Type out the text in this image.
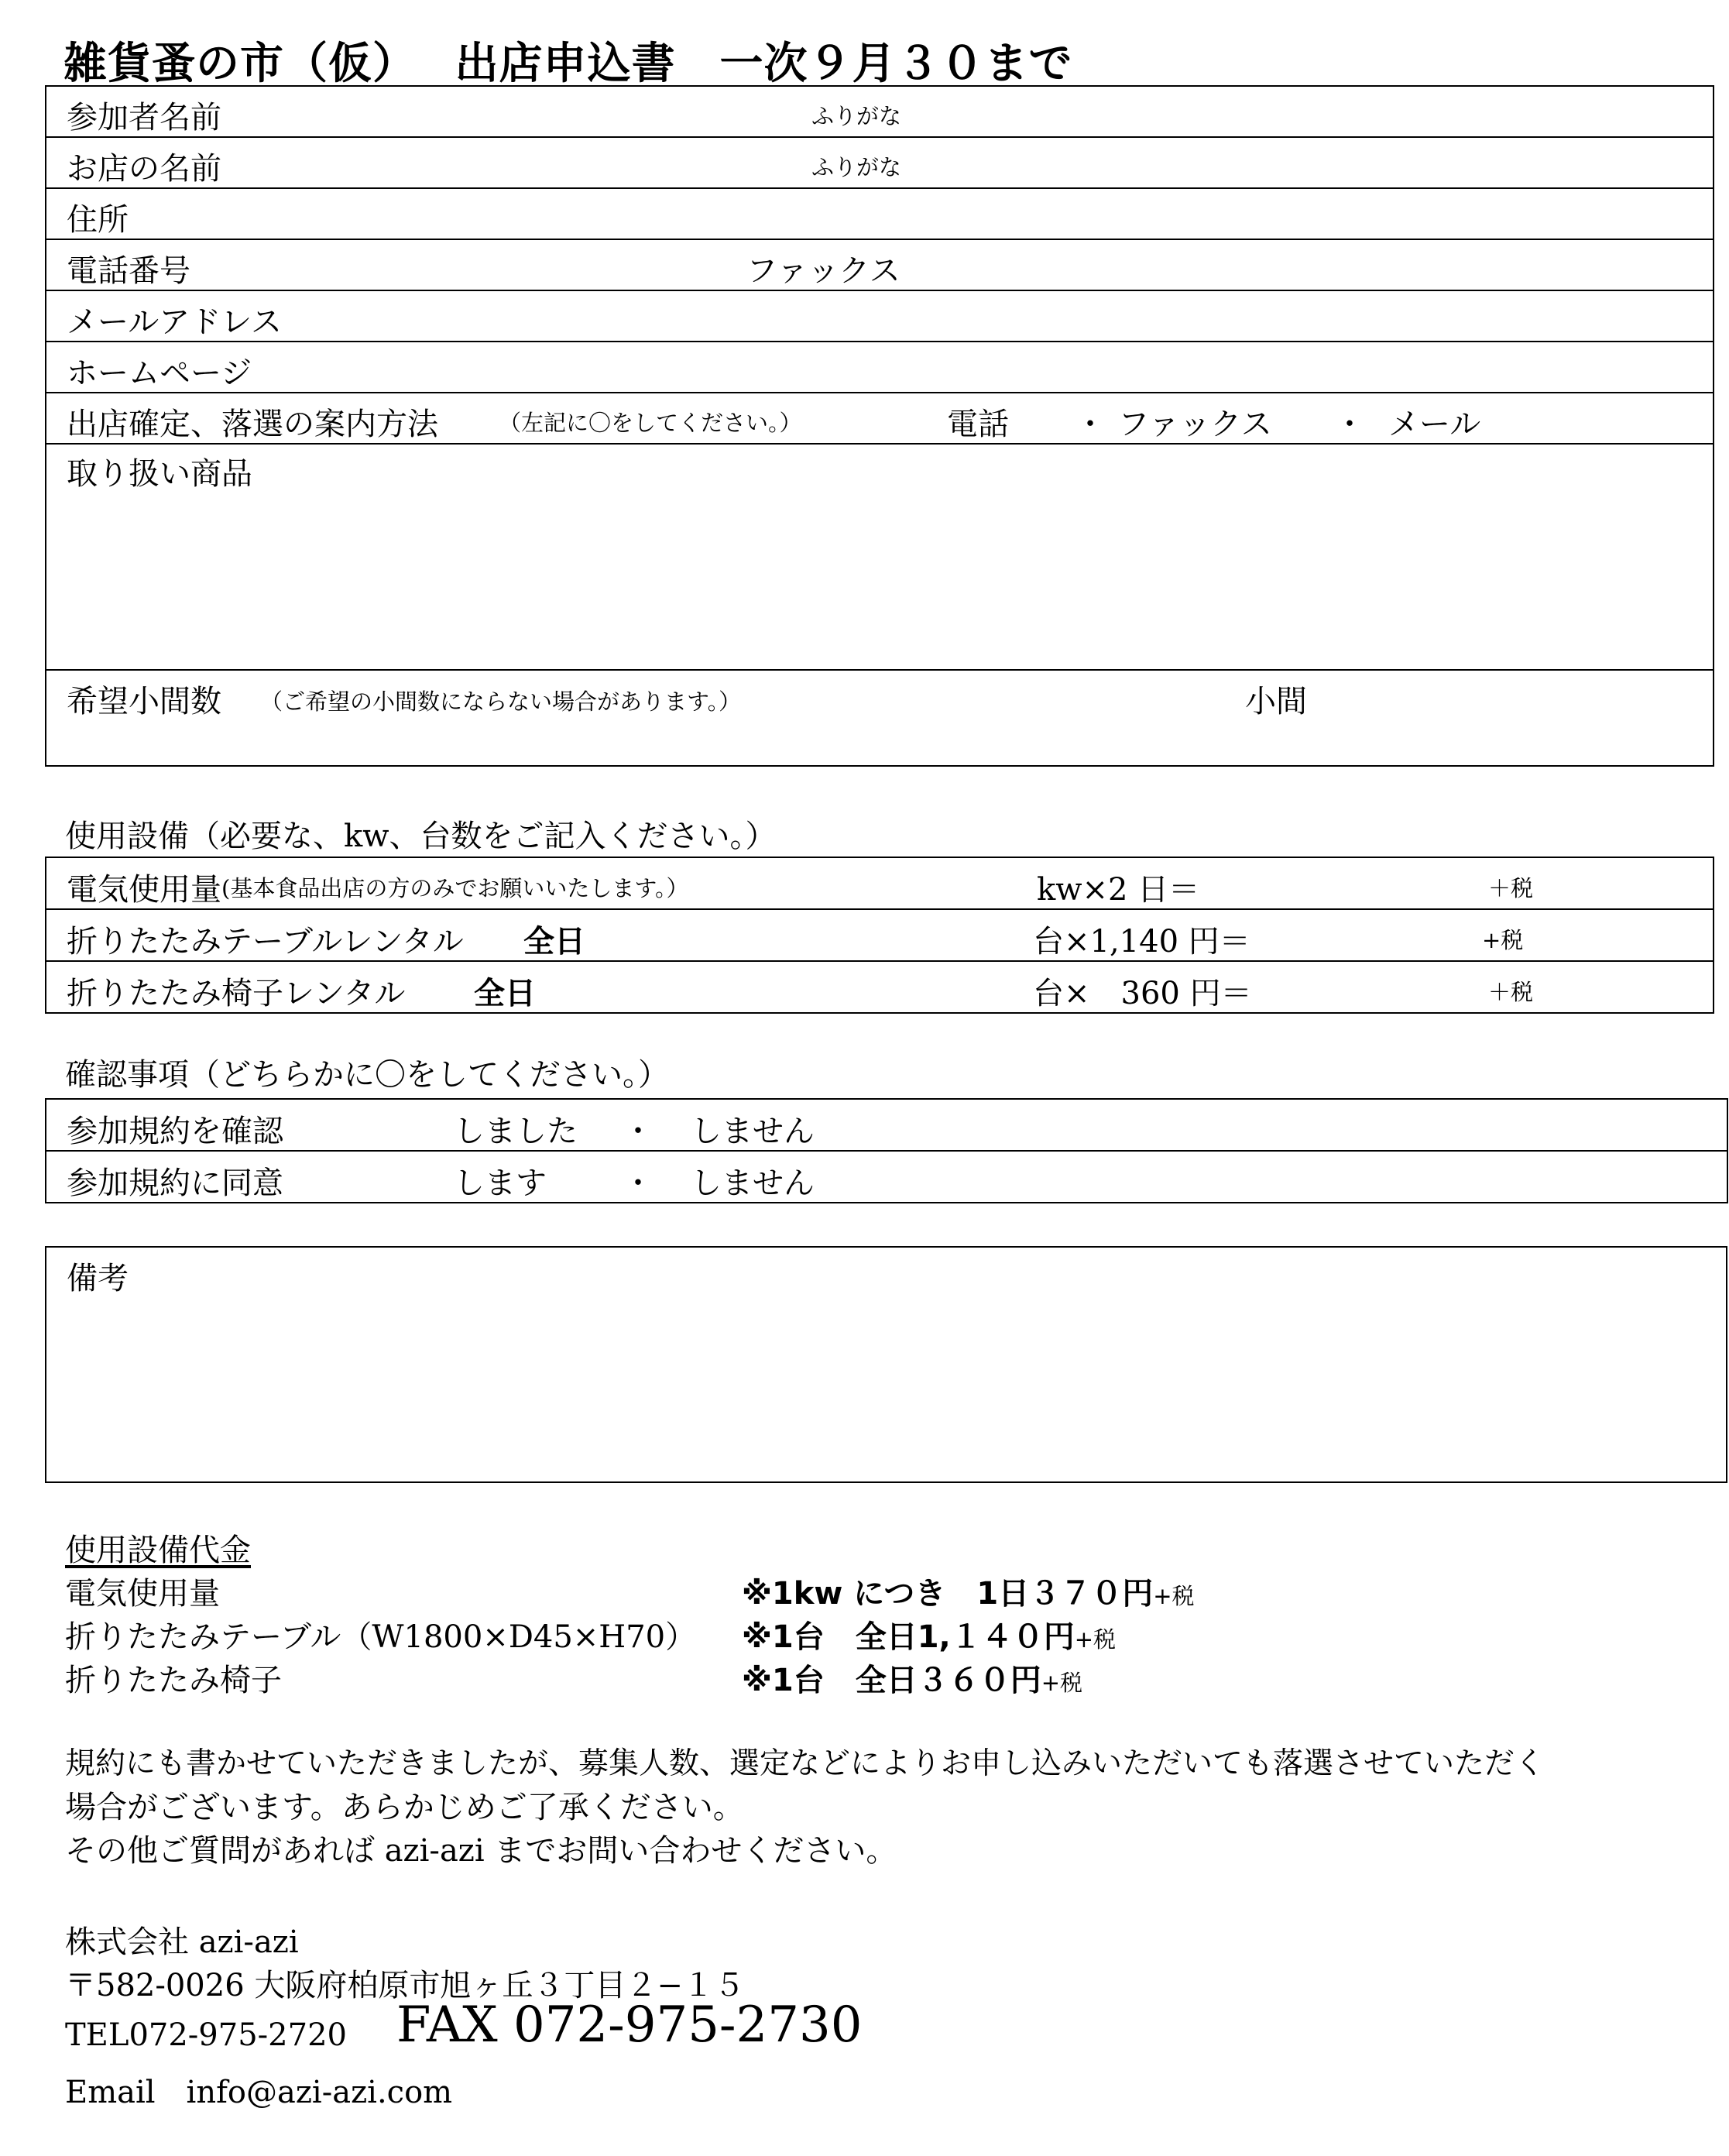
雑貨蚤の市（仮）　 出店申込書　一次９月３０まで
参加者名前	ふりがな

お店の名前	ふりがな

住所

電話番号	ファックス

メールアドレス

ホームページ

出店確定、落選の案内方法	（左記に〇をしてください。）	電話 ・ ファックス ・ メール

取り扱い商品

希望小間数 （ご希望の小間数にならない場合があります。）	小間
使用設備（必要な、kw、台数をご記入ください。）
電気使用量 (基本食品出店の方のみでお願いいたします。）	kw×2 日＝	＋税

折りたたみテーブルレンタル 全日	台×1,140 円＝	+税

折りたたみ椅子レンタル 全日	台×　360 円＝	＋税
確認事項（どちらかに〇をしてください。）
参加規約を確認	しました ・ しません

参加規約に同意	します ・ しません
備考
使用設備代金
電気使用量	※1kw につき　1日３７０円+税
折りたたみテーブル（W1800×D45×H70） ※1台　全日1,１４０円+税
折りたたみ椅子	※1台　全日３６０円+税
規約にも書かせていただきましたが、募集人数、選定などによりお申し込みいただいても落選させていただく
場合がございます。あらかじめご了承ください。
その他ご質問があれば azi-azi までお問い合わせください。
株式会社 azi-azi
〒582-0026 大阪府柏原市旭ヶ丘３丁目２−１５
TEL072-975-2720 FAX 072-975-2730
Email　info@azi-azi.com
